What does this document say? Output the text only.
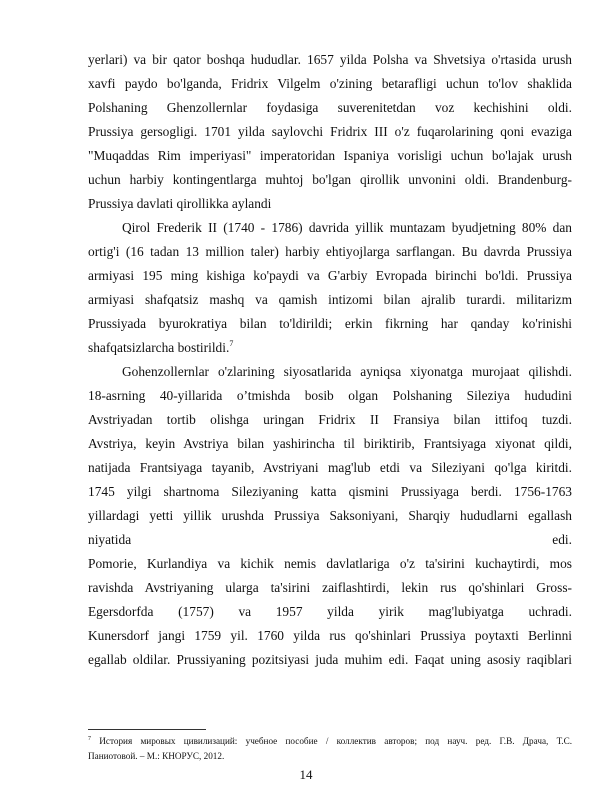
yerlari) va bir qator boshqa hududlar. 1657 yilda Polsha va Shvetsiya o'rtasida urush
xavfi paydo bo'lganda, Fridrix Vilgelm o'zining betarafligi uchun to'lov shaklida
Polshaning Ghenzollernlar foydasiga suverenitetdan voz kechishini oldi.
Prussiya gersogligi. 1701 yilda saylovchi Fridrix III o'z fuqarolarining qoni evaziga
"Muqaddas Rim imperiyasi" imperatoridan Ispaniya vorisligi uchun bo'lajak urush
uchun harbiy kontingentlarga muhtoj bo'lgan qirollik unvonini oldi. Brandenburg-
Prussiya davlati qirollikka aylandi
Qirol Frederik II (1740 - 1786) davrida yillik muntazam byudjetning 80% dan
ortig'i (16 tadan 13 million taler) harbiy ehtiyojlarga sarflangan. Bu davrda Prussiya
armiyasi 195 ming kishiga ko'paydi va G'arbiy Evropada birinchi bo'ldi. Prussiya
armiyasi shafqatsiz mashq va qamish intizomi bilan ajralib turardi. militarizm
Prussiyada byurokratiya bilan to'ldirildi; erkin fikrning har qanday ko'rinishi
shafqatsizlarcha bostirildi.$^7$
Gohenzollernlar o'zlarining siyosatlarida ayniqsa xiyonatga murojaat qilishdi.
18-asrning 40-yillarida o’tmishda bosib olgan Polshaning Sileziya hududini
Avstriyadan tortib olishga uringan Fridrix II Fransiya bilan ittifoq tuzdi.
Avstriya, keyin Avstriya bilan yashirincha til biriktirib, Frantsiyaga xiyonat qildi,
natijada Frantsiyaga tayanib, Avstriyani mag'lub etdi va Sileziyani qo'lga kiritdi.
1745 yilgi shartnoma Sileziyaning katta qismini Prussiyaga berdi. 1756-1763
yillardagi yetti yillik urushda Prussiya Saksoniyani, Sharqiy hududlarni egallash
niyatida	edi.
Pomorie, Kurlandiya va kichik nemis davlatlariga o'z ta'sirini kuchaytirdi, mos
ravishda Avstriyaning ularga ta'sirini zaiflashtirdi, lekin rus qo'shinlari Gross-
Egersdorfda (1757) va 1957 yilda yirik mag'lubiyatga uchradi.
Kunersdorf jangi 1759 yil. 1760 yilda rus qo'shinlari Prussiya poytaxti Berlinni
egallab oldilar. Prussiyaning pozitsiyasi juda muhim edi. Faqat uning asosiy raqiblari
$^7$ История мировых цивилизаций: учебное пособие / коллектив авторов; под науч. ред. Г.В. Драча, Т.С.
Паниотовой. – М.: КНОРУС, 2012.
14
